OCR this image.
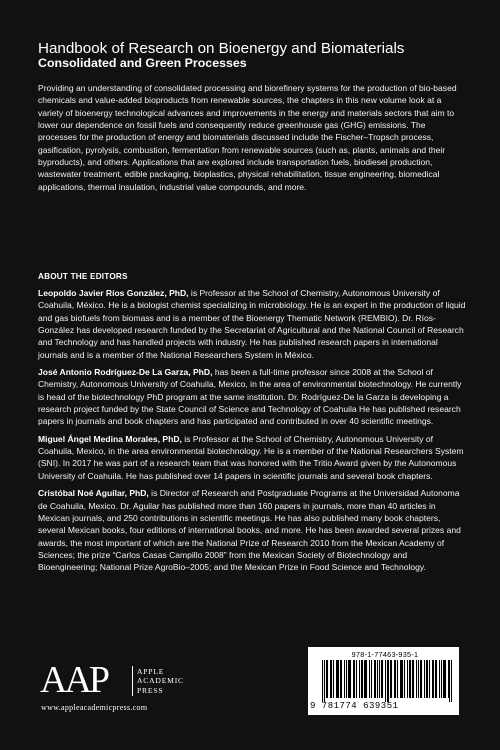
Handbook of Research on Bioenergy and Biomaterials
Consolidated and Green Processes

Providing an understanding of consolidated processing and biorefinery systems for the production of bio-based chemicals and value-added bioproducts from renewable sources, the chapters in this new volume look at a variety of bioenergy technological advances and improvements in the energy and materials sectors that aim to lower our dependence on fossil fuels and consequently reduce greenhouse gas (GHG) emissions. The processes for the production of energy and biomaterials discussed include the Fischer–Tropsch process, gasification, pyrolysis, combustion, fermentation from renewable sources (such as, plants, animals and their byproducts), and others. Applications that are explored include transportation fuels, biodiesel production, wastewater treatment, edible packaging, bioplastics, physical rehabilitation, tissue engineering, biomedical applications, thermal insulation, industrial value compounds, and more.

ABOUT THE EDITORS

Leopoldo Javier Ríos González, PhD, is Professor at the School of Chemistry, Autonomous University of Coahuila, México. He is a biologist chemist specializing in microbiology. He is an expert in the production of liquid and gas biofuels from biomass and is a member of the Bioenergy Thematic Network (REMBIO). Dr. Ríos-González has developed research funded by the Secretariat of Agricultural and the National Council of Research and Technology and has handled projects with industry. He has published research papers in international journals and is a member of the National Researchers System in México.

José Antonio Rodríguez-De La Garza, PhD, has been a full-time professor since 2008 at the School of Chemistry, Autonomous University of Coahuila, Mexico, in the area of environmental biotechnology. He currently is head of the biotechnology PhD program at the same institution. Dr. Rodríguez-De la Garza is developing a research project funded by the State Council of Science and Technology of Coahuila He has published research papers in journals and book chapters and has participated and contributed in over 40 scientific meetings.

Miguel Ángel Medina Morales, PhD, is Professor at the School of Chemistry, Autonomous University of Coahuila, Mexico, in the area environmental biotechnology. He is a member of the National Researchers System (SNI). In 2017 he was part of a research team that was honored with the Tritio Award given by the Autonomous University of Coahuila. He has published over 14 papers in scientific journals and several book chapters.

Cristóbal Noé Aguilar, PhD, is Director of Research and Postgraduate Programs at the Universidad Autonoma de Coahuila, Mexico. Dr. Aguilar has published more than 160 papers in journals, more than 40 articles in Mexican journals, and 250 contributions in scientific meetings. He has also published many book chapters, several Mexican books, four editions of international books, and more. He has been awarded several prizes and awards, the most important of which are the National Prize of Research 2010 from the Mexican Academy of Sciences; the prize “Carlos Casas Campillo 2008” from the Mexican Society of Biotechnology and Bioengineering; National Prize AgroBio–2005; and the Mexican Prize in Food Science and Technology.

AAP	APPLE
ACADEMIC
PRESS
www.appleacademicpress.com
978-1-77463-935-1
9 781774 639351
